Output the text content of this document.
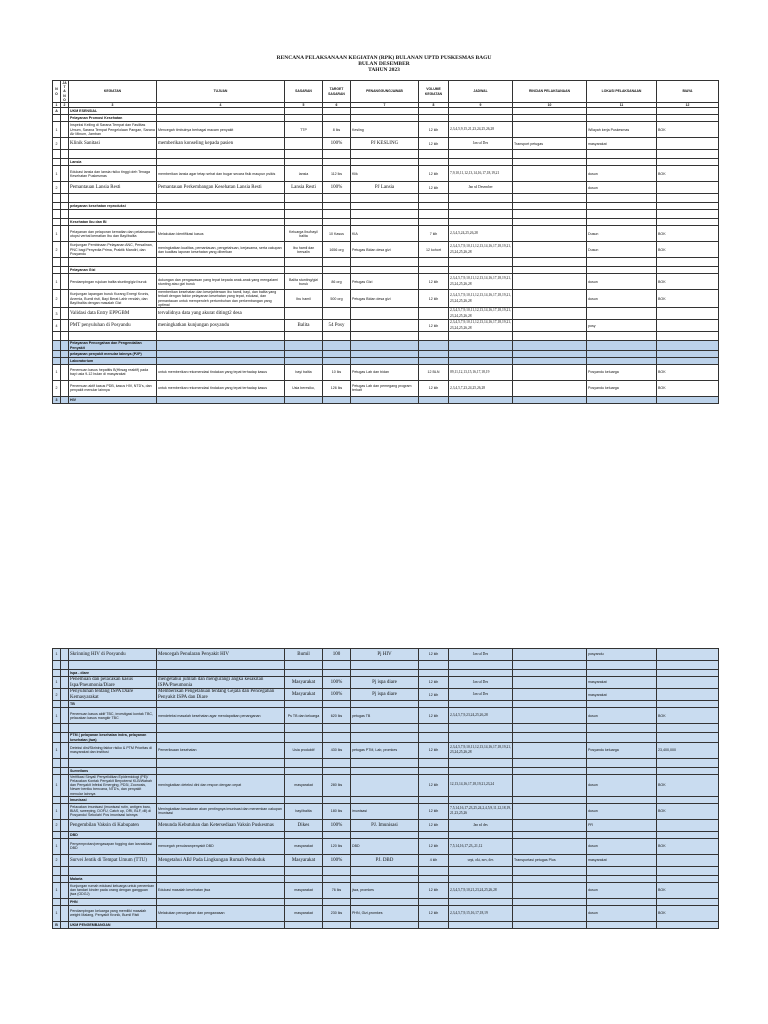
RENCANA PELAKSANAAN KEGIATAN (RPK) BULANAN UPTD PUSKESMAS BAGU
BULAN DESEMBER
TAHUN 2023
NO	JAT A NO	KEGIATAN	TUJUAN	SASARAN	TARGET SASARAN	PENANGGUNGJAWAB	VOLUME KEGIATAN	JADWAL	RINCIAN PELAKSANAAN	LOKASI PELAKSANAAN	BIAYA
1	2	3	4	5	6	7	8	9	10	11	12
A		UKM ESENSIAL									
		Pelayanan Promosi Kesehatan									
1		Inspeksi Keiling di Sarana Tempat dan Fasilitas Umum, Sarana Tempat Pengelolaan Pangan, Sarana Air Minum, Jamban	Mencegah timbulnya berbagai macam penyakit	TTP	8 lks	Kesling	12 klh	2,3,4,5,9,15,21,23,24,25,26,28		Wilayah kerja Puskesmas	BOK
2		Klinik Sanitasi	memberikan konseling kepada pasien		100%	PJ KESLING	12 klh	Jan sd Des	Transport petugas	masyarakat	

		Lansia									
1		Edukasi lansia dan lansia risiko tinggi oleh Tenaga Kesehatan Puskesmas	memberikan lansia agar tetap sehat dan bugar secara fisik maupun psikis	lansia	112 lks	Klik	12 klh	7,9,10,11,12,13,14,16,17,18,19,21		dusun	BOK
2		Pemantauan Lansia Resti	Pemantauan Perkembangan Kesehatan Lansia Resti	Lansia Resti	100%	PJ Lansia	12 klh	Jan sd Desember		dusun	

		pelayanan kesehatan reproduksi									

		Kesehatan Ibu dan Bi									
1		Pelayanan dan pelaporan kematian dan pelaksanaan otopsi verbal kematian Ibu dan Bayi/balita	Melakukan identifikasi kasus	Keluarga Ibu/bayi/ balita	10 Kasus	KIA	7 klh	2,3,4,5,24,25,26,28		Dusun	BOK
2		Kunjungan Pembinaan Pelayanan ANC, Persalinan, PNC bagi Penyedia Prima, Praktik Mandiri, dan Posyandu	meningkatkan kualitas, pemantauan, pengetahuan, kerjasama, serta cakupan dan kualitas laporan kesehatan yang diberikan	Ibu hamil dan bersalin	1656 org	Petugas Bidan desa gizi	12 kohort	2,3,4,5,7,9,10,11,12,13,14,16,17,18,19,21,23,24,25,26,28		Dusun	BOK

		Pelayanan Gizi									
1		Pendampingan rujukan balita stunting/gizi buruk	dukungan dan pengawasan yang tepat kepada anak-anak yang mengalami stunting atau gizi buruk	Balita stunting/gizi buruk	86 org	Petugas Gizi	12 klh	2,3,4,5,7,9,10,11,12,13,14,16,17,18,19,21,23,24,25,26,28		dusun	BOK
2		Kunjungan lapangan buruk Kurang Energi Kronis, Anemia, Bumil risti, Bayi Berat Lahir rendah, dan Bayi/balita dengan masalah Gizi	memberikan kesehatan dan kesejahteraan ibu hamil, bayi, dan balita yang terkait dengan faktor pelayanan kesehatan yang tepat, edukasi, dan pemantauan untuk memperoleh pertumbuhan dan perkembangan yang optimal	Ibu hamil	500 org	Petugas Bidan desa gizi	12 klh	2,3,4,5,7,9,10,11,12,13,14,16,17,18,19,21,23,24,25,26,28		dusun	BOK
3		Validasi data Entry EPPGBM	tervalidnya data yang akurat ditingt2 desa					2,3,4,5,7,9,10,11,12,13,14,16,17,18,19,21,23,24,25,26,28			
4		PMT penyuluhan di Posyandu	meningkatkan kunjungan posyandu	Balita	54 Posy		12 klh	2,3,4,5,7,9,10,11,12,13,14,16,17,18,19,21,23,24,25,26,28		posy	

		Pelayanan Pencegahan dan Pengendalian Penyakit									
		pelayanan penyakit menular lainnya (P2P)									
		Laboratorium									
1		Penemuan kasus hepatitis B(Hbsag reaktif) pada bayi usia 9-12 bulan di masyarakat	untuk memberikan rekomendasi tindakan yang tepat terhadap kasus	bayi balita	10 lks	Petugas Lab dan bidan	12 BLN	09,11,12,13,15,16,17,18,19		Posyandu keluarga	BOK
2		Penemuan aktif kasus PDB, kasus HIV, NTD's, dan penyakit menular lainnya	untuk memberikan rekomendasi tindakan yang tepat terhadap kasus	Usia beresiko,	126 lks	Petugas Lab dan pemegang program terkait	12 klh	2,3,4,5,7,23,24,25,26,28		Posyandu keluarga	BOK
3		HIV									
1		Skrinning HIV di Posyandu	Mencegah Penularan Penyakit HIV	Bumil	100	Pj HIV	12 klh	Jan sd Des		posyandu	

		Ispa - diare									
1		Penemuan dan pelacakan kasus Ispa/Pneumonia/Diare	mengetahui jumlah dan mengurangi angka kesakitan ISPA/Pneumonia	Masyarakat	100%	Pj ispa diare	12 klh	Jan sd Des		masyarakat	
2		Penyuluhan tentang ISPA Diare Kemasyarakat	Memberikan Pengetahuan tentang Gejala dan Pencegahan Penyakit ISPA dan Diare	Masyarakat	100%	Pj ispa diare	12 klh	Jan sd Des		masyarakat	
		TB									
1		Penemuan kasus aktif TBC, investigasi kontak TBC, pelacakan kasus mangkir TBC	mendeteksi masalah kesehatan agar mendapatkan penanganan	Ps TB dan keluarga	620 lks	petugas TB	12 klh	2,3,4,5,7,9,23,24,25,26,28		dusun	BOK

		PTM ( pelayanan kesehatan indra, pelayanan kesehatan jiwa)									
1		Deteksi dini/Skrining faktor risiko & PTM Prioritas di masyarakat dan institusi	Pemeriksaan kesehatan	Usia produktif	430 lks	petugas PTM, Lab, promkes	12 klh	2,3,4,5,7,9,10,11,12,13,14,16,17,18,19,21,23,24,25,26,28		Posyandu keluarga	23,400,000

		Surveilans									
1		Verifikasi Sinyal/ Penyelidikan Epidemiologi (PE)/ Pelacakan Kontak Penyakit Berpotensi KLB/Wabah dan Penyakit Infeksi Emerging, PD3I, Zoonosis, Newer bentku bencana, NTD's, dan penyakit menular lainnya	meningkatkan deteksi dini dan respon dengan cepat	masyarakat	280 lks		12 klh	12,13,14,16,17,18,19,21,23,24		dusun	BOK
		Imunisasi									
1		Pelacakan imunisasi (imunisasi rutin, antigen baru, BIAS, sweeping, DOFU, Catch up, ORI, BLF, dll) di Posyandu/ Sekolah/ Pos imunisasi lainnya	Meningkatkan kesadaran akan pentingnya imunisasi dan menemkan cakupan imunisasi	bayi/balita	180 lks	imunisasi	12 klh	7,5,14,16,17,23,25,24,2,4,5,9,11,12,18,19,21,23,25,26		dusun	BOK
2		Pengembilan Vaksin di Kabupaten	Menunda Kebutuhan dan Ketersediaan Vaksin Puskesmas	Dikes	100%	PJ. Imunisasi	12 klh	Jan sd des		PR	
		DBD									
1		Penyemprotan/pengasapan fogging dan larvasidasi DBD	mencegah penularanpenyakit DBD	masyarakat	120 lks	DBD	12 klh	7,5,14,16,17,23,,21,12		dusun	BOK
2		Survei Jentik di Tempat Umum (TTU)	Mengetahui ABJ Pada Lingkungan Rumah Penduduk	Masyarakat	100%	PJ. DBD	4 klh	sept, okt, nov, des	Transportasi petugas Plus	masyarakat	

		Malaria									
1		Kunjungan rumah edukasi keluarga untuk penemkan dan tandari kinder pada orang dengan gangguan jiwa (ODGJ)	Edukasi masalah kesehatan jiwa	masyarakat	76 lks	jiwa, promkes	12 klh	2,3,4,5,7,9,10,21,23,24,25,26,28		dusun	BOK
		PHN									
1		Pendampingan keluarga yang memiliki masalah weight Malang, Penyakit Kronik, Bumil Risti	Melakukan pencegahan dan pengawasan	masyarakat	230 lks	PHN, Gizi,promkes	12 klh	2,3,4,5,7,9,15,16,17,18,19		dusun	BOK
B		UKM PENGEMBANGAN									
